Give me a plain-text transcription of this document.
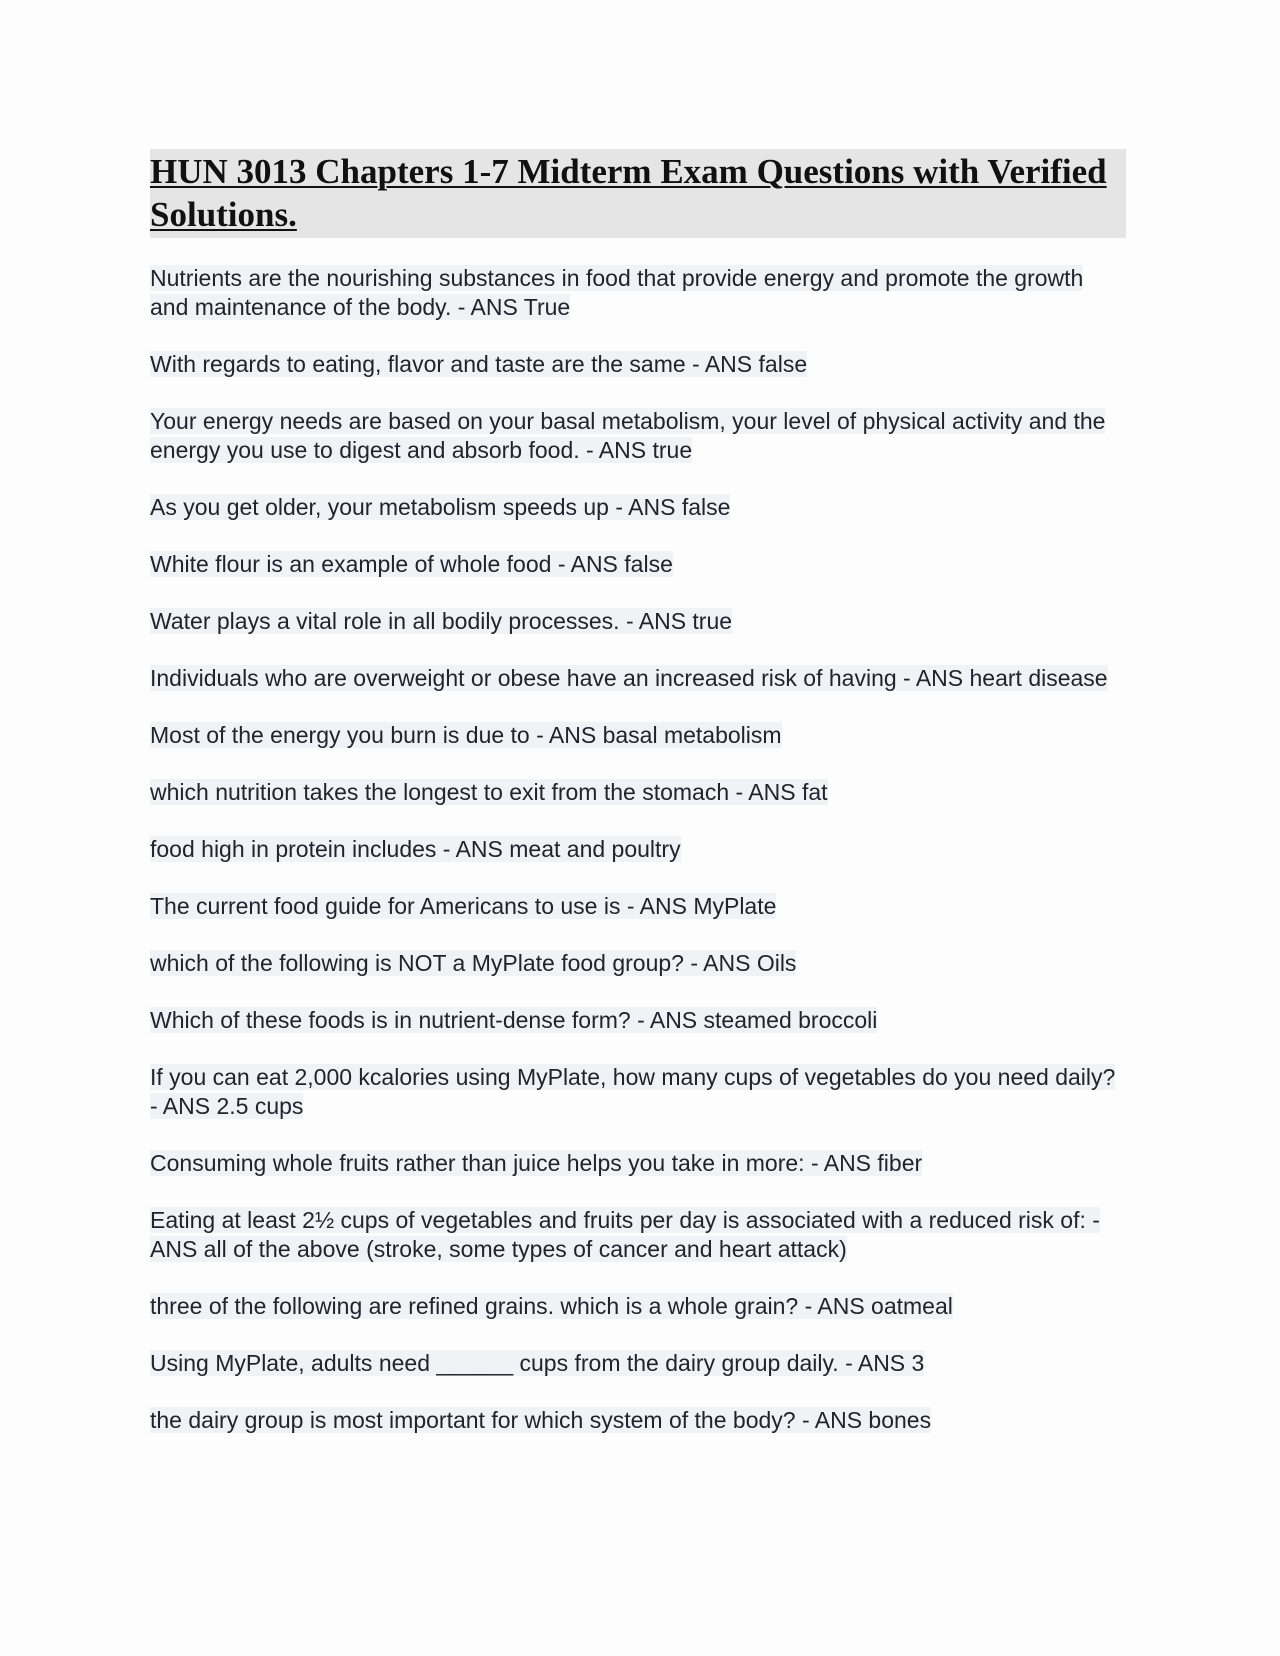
HUN 3013 Chapters 1-7 Midterm Exam Questions with Verified Solutions.
Nutrients are the nourishing substances in food that provide energy and promote the growth and maintenance of the body. - ANS True
With regards to eating, flavor and taste are the same - ANS false
Your energy needs are based on your basal metabolism, your level of physical activity and the energy you use to digest and absorb food. - ANS true
As you get older, your metabolism speeds up - ANS false
White flour is an example of whole food - ANS false
Water plays a vital role in all bodily processes. - ANS true
Individuals who are overweight or obese have an increased risk of having - ANS heart disease
Most of the energy you burn is due to - ANS basal metabolism
which nutrition takes the longest to exit from the stomach - ANS fat
food high in protein includes - ANS meat and poultry
The current food guide for Americans to use is - ANS MyPlate
which of the following is NOT a MyPlate food group? - ANS Oils
Which of these foods is in nutrient-dense form? - ANS steamed broccoli
If you can eat 2,000 kcalories using MyPlate, how many cups of vegetables do you need daily? - ANS 2.5 cups
Consuming whole fruits rather than juice helps you take in more: - ANS fiber
Eating at least 2½ cups of vegetables and fruits per day is associated with a reduced risk of: - ANS all of the above (stroke, some types of cancer and heart attack)
three of the following are refined grains. which is a whole grain? - ANS oatmeal
Using MyPlate, adults need ______ cups from the dairy group daily. - ANS 3
the dairy group is most important for which system of the body? - ANS bones
